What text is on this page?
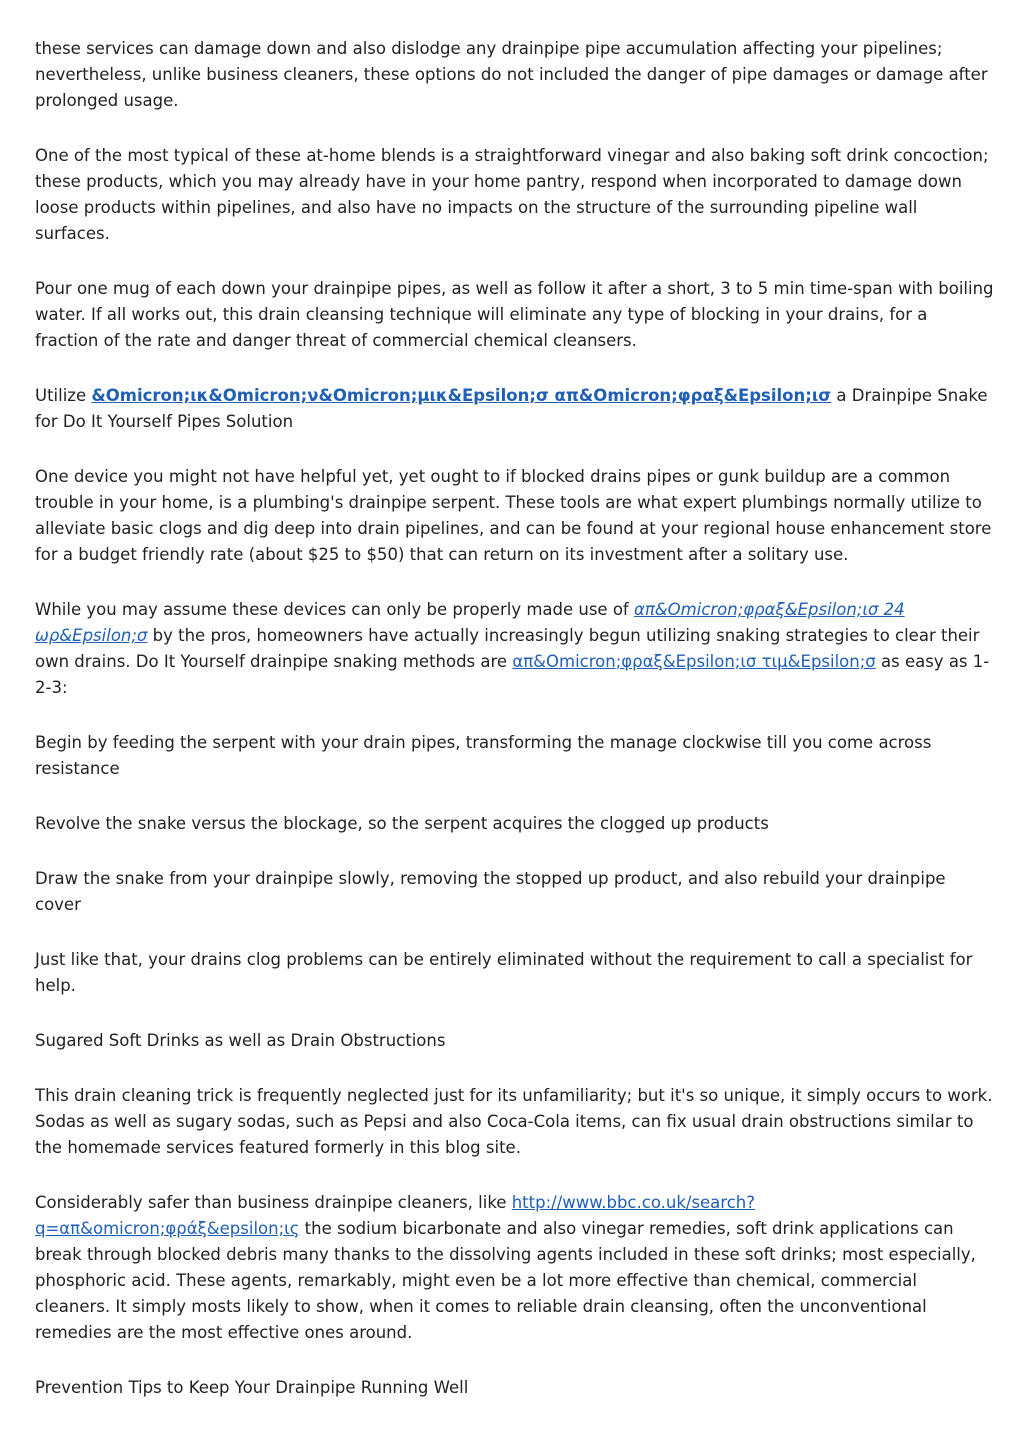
these services can damage down and also dislodge any drainpipe pipe accumulation affecting your pipelines; nevertheless, unlike business cleaners, these options do not included the danger of pipe damages or damage after prolonged usage.

One of the most typical of these at-home blends is a straightforward vinegar and also baking soft drink concoction; these products, which you may already have in your home pantry, respond when incorporated to damage down loose products within pipelines, and also have no impacts on the structure of the surrounding pipeline wall surfaces.

Pour one mug of each down your drainpipe pipes, as well as follow it after a short, 3 to 5 min time-span with boiling water. If all works out, this drain cleansing technique will eliminate any type of blocking in your drains, for a fraction of the rate and danger threat of commercial chemical cleansers.

Utilize &Omicron;ικ&Omicron;ν&Omicron;μικ&Epsilon;σ απ&Omicron;φραξ&Epsilon;ισ a Drainpipe Snake for Do It Yourself Pipes Solution

One device you might not have helpful yet, yet ought to if blocked drains pipes or gunk buildup are a common trouble in your home, is a plumbing's drainpipe serpent. These tools are what expert plumbings normally utilize to alleviate basic clogs and dig deep into drain pipelines, and can be found at your regional house enhancement store for a budget friendly rate (about $25 to $50) that can return on its investment after a solitary use.

While you may assume these devices can only be properly made use of απ&Omicron;φραξ&Epsilon;ισ 24 ωρ&Epsilon;σ by the pros, homeowners have actually increasingly begun utilizing snaking strategies to clear their own drains. Do It Yourself drainpipe snaking methods are απ&Omicron;φραξ&Epsilon;ισ τιμ&Epsilon;σ as easy as 1-2-3:

Begin by feeding the serpent with your drain pipes, transforming the manage clockwise till you come across resistance

Revolve the snake versus the blockage, so the serpent acquires the clogged up products

Draw the snake from your drainpipe slowly, removing the stopped up product, and also rebuild your drainpipe cover

Just like that, your drains clog problems can be entirely eliminated without the requirement to call a specialist for help.

Sugared Soft Drinks as well as Drain Obstructions

This drain cleaning trick is frequently neglected just for its unfamiliarity; but it's so unique, it simply occurs to work. Sodas as well as sugary sodas, such as Pepsi and also Coca-Cola items, can fix usual drain obstructions similar to the homemade services featured formerly in this blog site.

Considerably safer than business drainpipe cleaners, like http://www.bbc.co.uk/search?q=απ&omicron;φράξ&epsilon;ις the sodium bicarbonate and also vinegar remedies, soft drink applications can break through blocked debris many thanks to the dissolving agents included in these soft drinks; most especially, phosphoric acid. These agents, remarkably, might even be a lot more effective than chemical, commercial cleaners. It simply mosts likely to show, when it comes to reliable drain cleansing, often the unconventional remedies are the most effective ones around.

Prevention Tips to Keep Your Drainpipe Running Well
